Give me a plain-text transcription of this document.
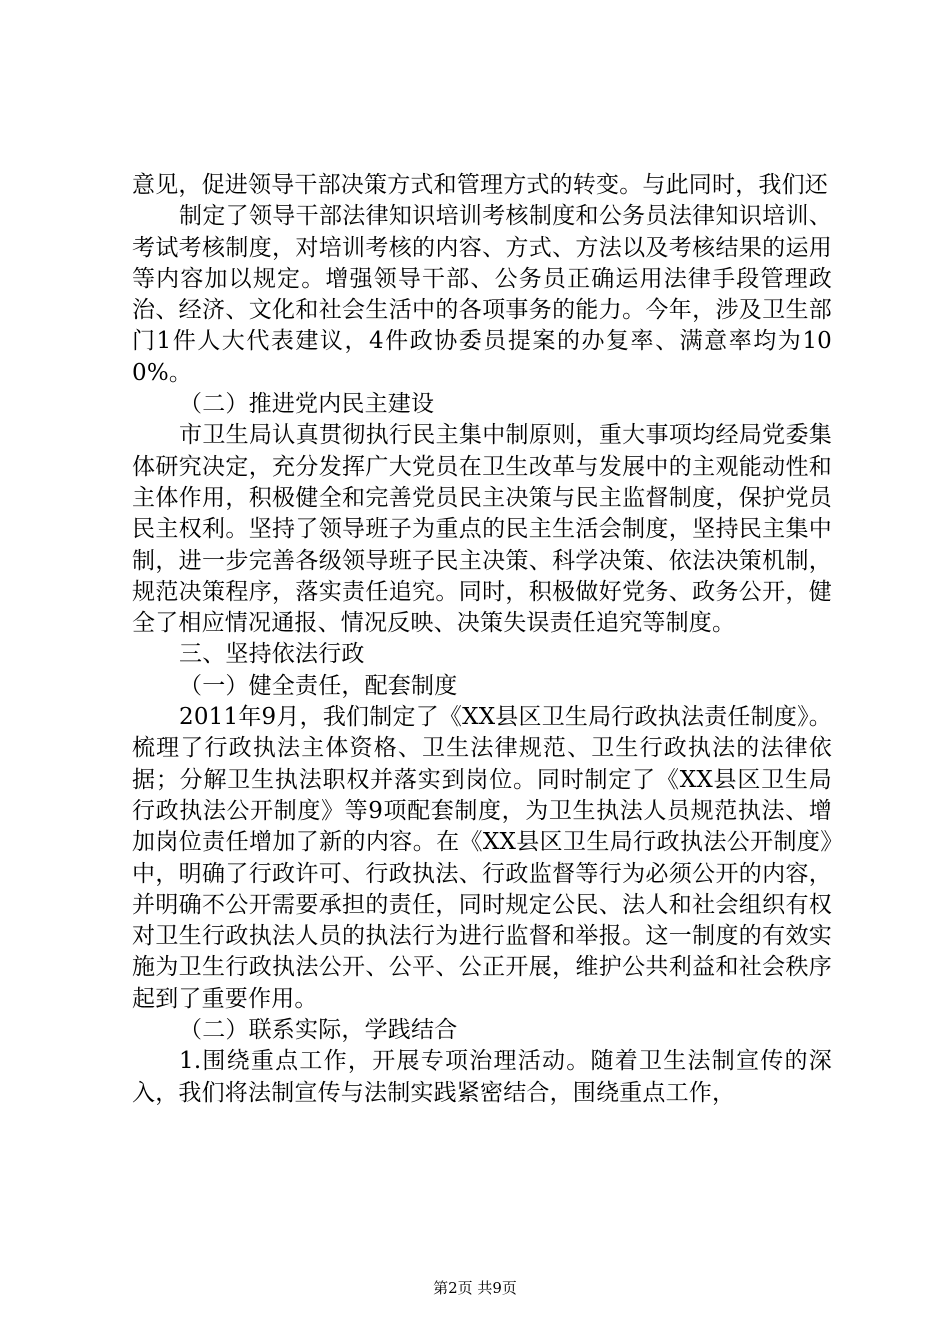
意见，促进领导干部决策方式和管理方式的转变。与此同时，我们还

制定了领导干部法律知识培训考核制度和公务员法律知识培训、考试考核制度，对培训考核的内容、方式、方法以及考核结果的运用等内容加以规定。增强领导干部、公务员正确运用法律手段管理政治、经济、文化和社会生活中的各项事务的能力。今年，涉及卫生部门1件人大代表建议，4件政协委员提案的办复率、满意率均为100%。

（二）推进党内民主建设

市卫生局认真贯彻执行民主集中制原则，重大事项均经局党委集体研究决定，充分发挥广大党员在卫生改革与发展中的主观能动性和主体作用，积极健全和完善党员民主决策与民主监督制度，保护党员民主权利。坚持了领导班子为重点的民主生活会制度，坚持民主集中制，进一步完善各级领导班子民主决策、科学决策、依法决策机制，规范决策程序，落实责任追究。同时，积极做好党务、政务公开，健全了相应情况通报、情况反映、决策失误责任追究等制度。

三、坚持依法行政

（一）健全责任，配套制度

2011年9月，我们制定了《XX县区卫生局行政执法责任制度》。梳理了行政执法主体资格、卫生法律规范、卫生行政执法的法律依据；分解卫生执法职权并落实到岗位。同时制定了《XX县区卫生局行政执法公开制度》等9项配套制度，为卫生执法人员规范执法、增加岗位责任增加了新的内容。在《XX县区卫生局行政执法公开制度》中，明确了行政许可、行政执法、行政监督等行为必须公开的内容，并明确不公开需要承担的责任，同时规定公民、法人和社会组织有权对卫生行政执法人员的执法行为进行监督和举报。这一制度的有效实施为卫生行政执法公开、公平、公正开展，维护公共利益和社会秩序起到了重要作用。

（二）联系实际，学践结合

1.围绕重点工作，开展专项治理活动。随着卫生法制宣传的深入，我们将法制宣传与法制实践紧密结合，围绕重点工作，

第2页 共9页
